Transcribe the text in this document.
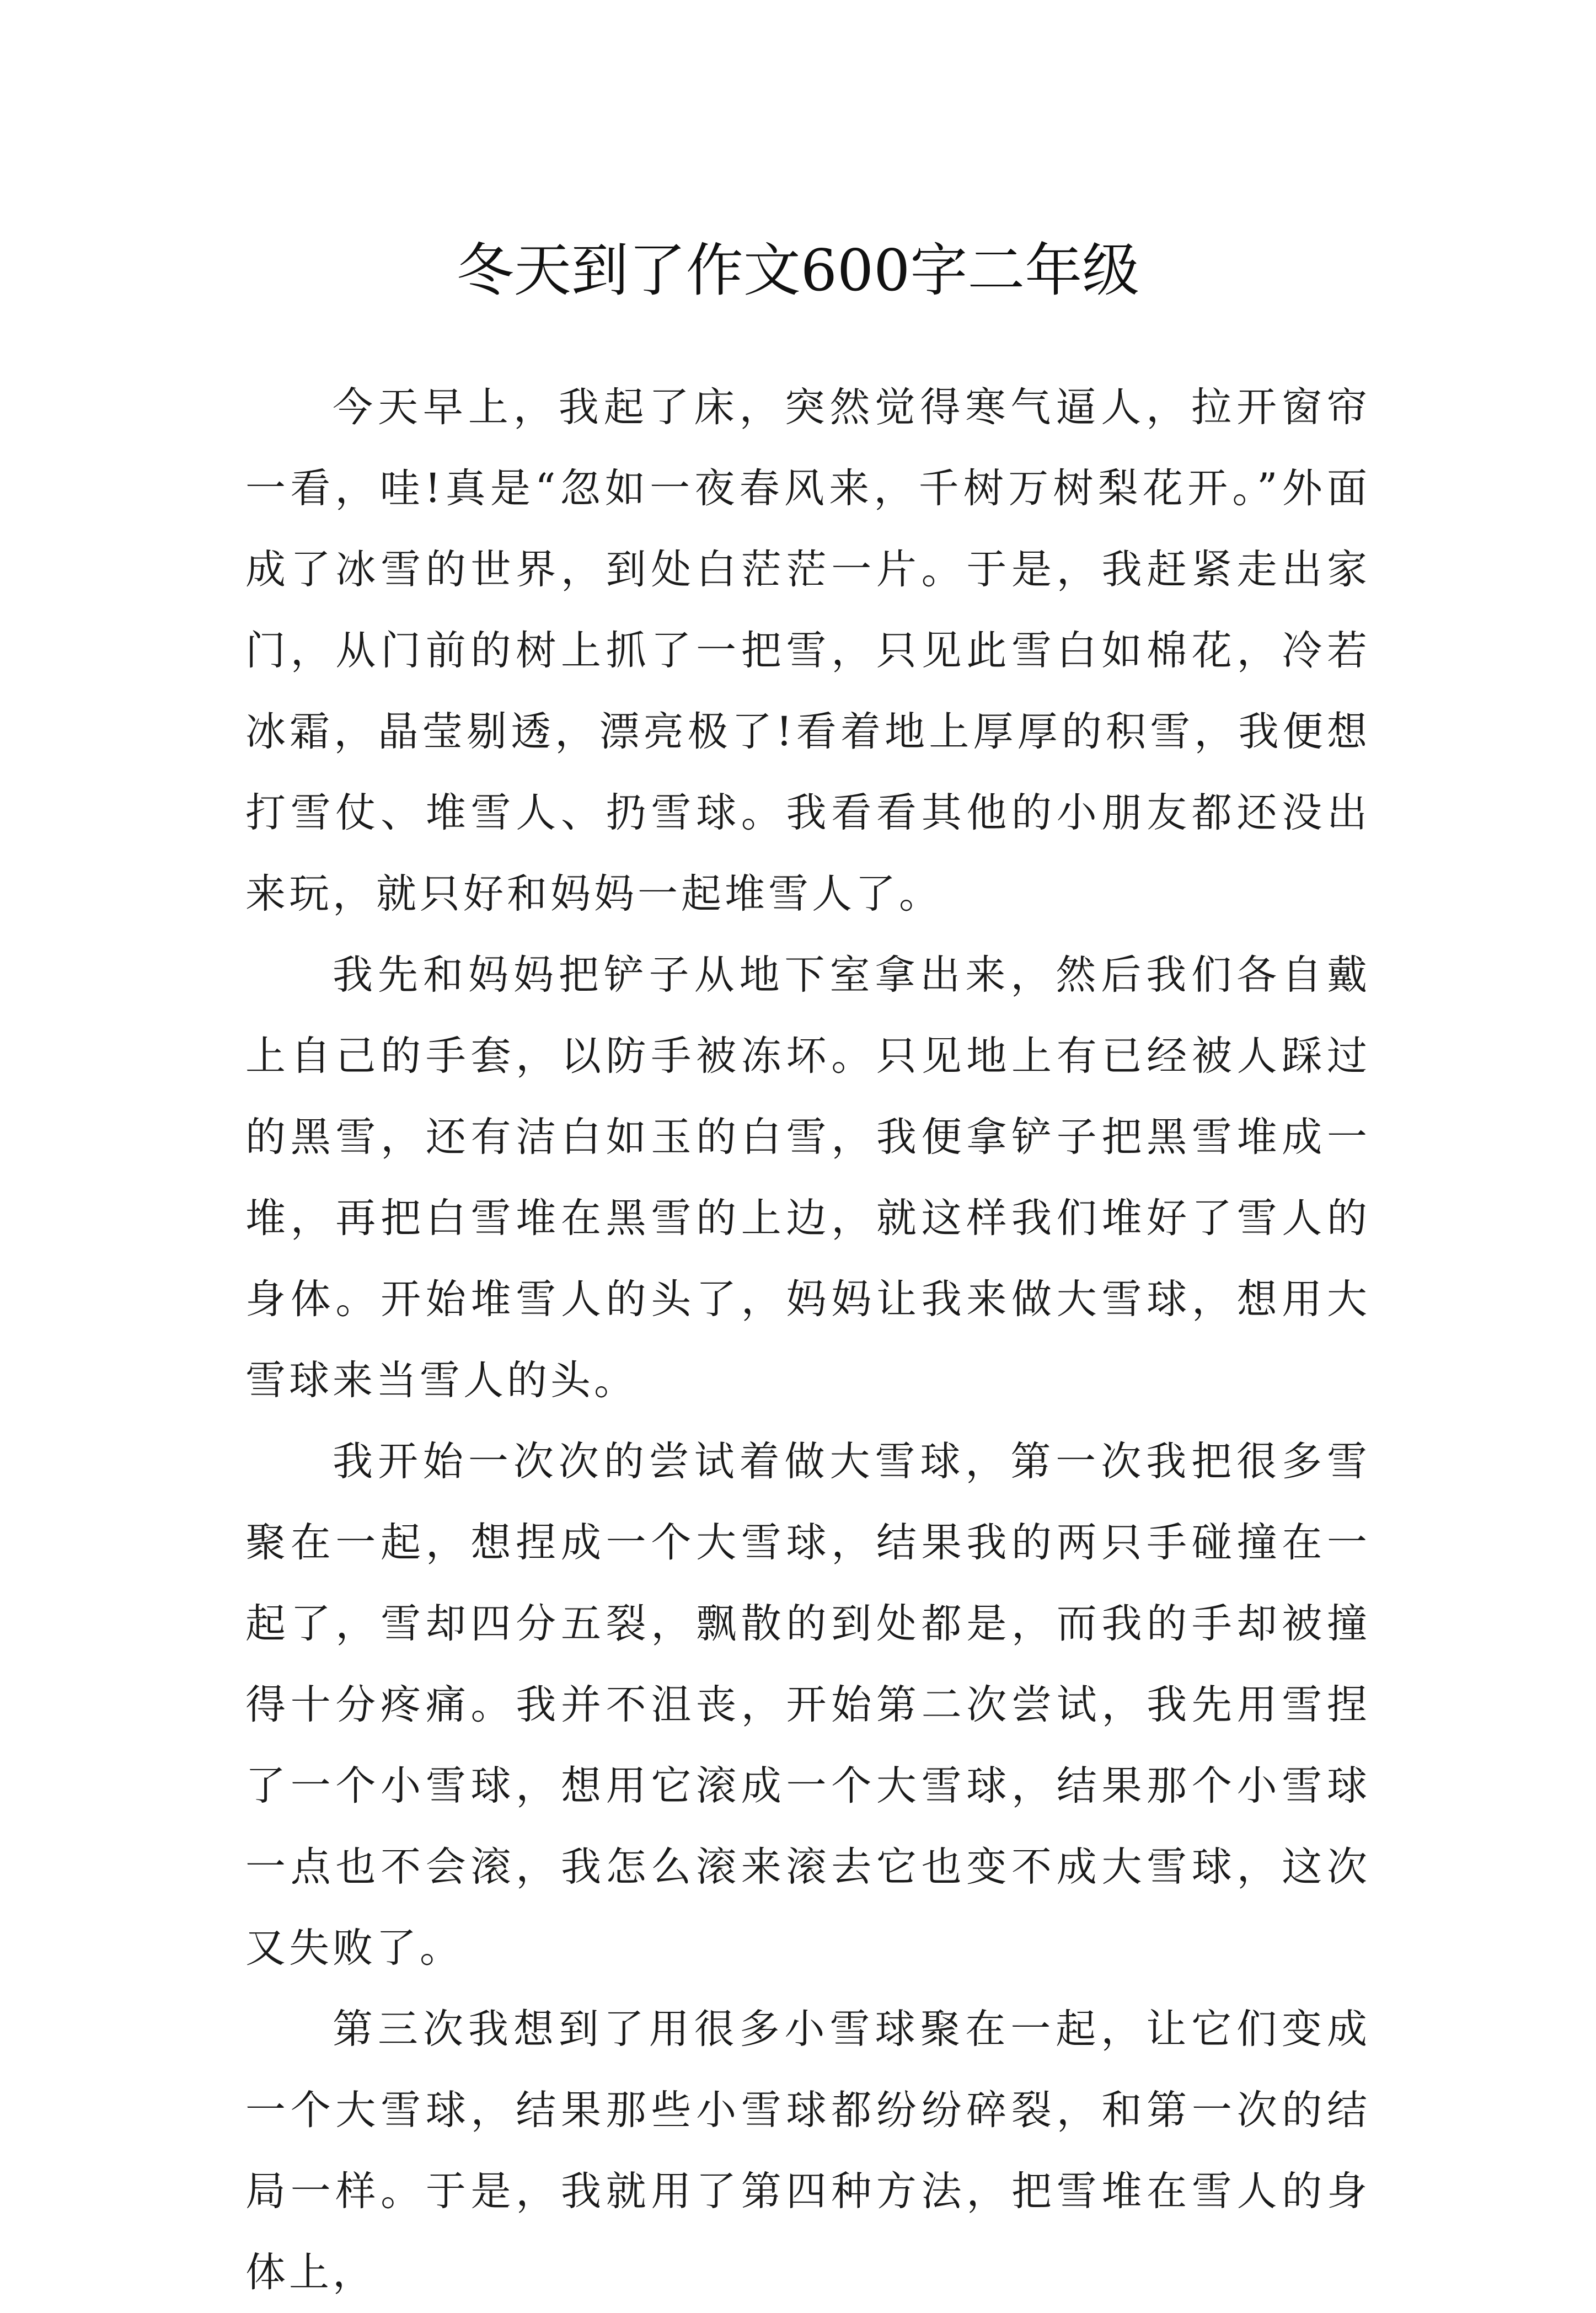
冬天到了作文600字二年级

今天早上，我起了床，突然觉得寒气逼人，拉开窗帘一看，哇!真是“忽如一夜春风来，千树万树梨花开。”外面成了冰雪的世界，到处白茫茫一片。于是，我赶紧走出家门，从门前的树上抓了一把雪，只见此雪白如棉花，冷若冰霜，晶莹剔透，漂亮极了!看着地上厚厚的积雪，我便想打雪仗、堆雪人、扔雪球。我看看其他的小朋友都还没出来玩，就只好和妈妈一起堆雪人了。

我先和妈妈把铲子从地下室拿出来，然后我们各自戴上自己的手套，以防手被冻坏。只见地上有已经被人踩过的黑雪，还有洁白如玉的白雪，我便拿铲子把黑雪堆成一堆，再把白雪堆在黑雪的上边，就这样我们堆好了雪人的身体。开始堆雪人的头了，妈妈让我来做大雪球，想用大雪球来当雪人的头。

我开始一次次的尝试着做大雪球，第一次我把很多雪聚在一起，想捏成一个大雪球，结果我的两只手碰撞在一起了，雪却四分五裂，飘散的到处都是，而我的手却被撞得十分疼痛。我并不沮丧，开始第二次尝试，我先用雪捏了一个小雪球，想用它滚成一个大雪球，结果那个小雪球一点也不会滚，我怎么滚来滚去它也变不成大雪球，这次又失败了。

第三次我想到了用很多小雪球聚在一起，让它们变成一个大雪球，结果那些小雪球都纷纷碎裂，和第一次的结局一样。于是，我就用了第四种方法，把雪堆在雪人的身体上，
